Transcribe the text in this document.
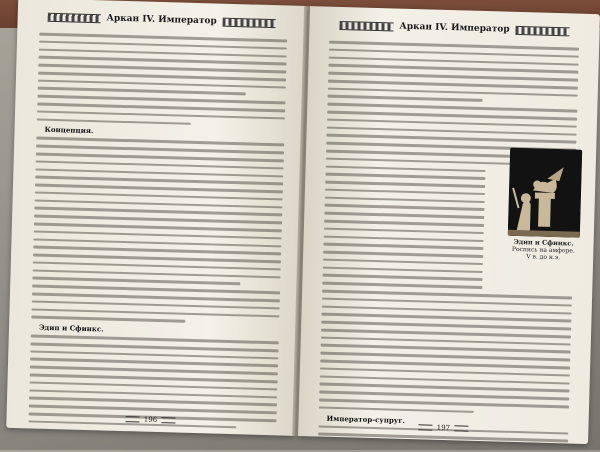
Аркан IV. Император
Концепция.
Эдип и Сфинкс.
196
Аркан IV. Император
Император-супруг.
Эдип и Сфинкс.
Роспись на амфоре.
V в. до н.э.
197
